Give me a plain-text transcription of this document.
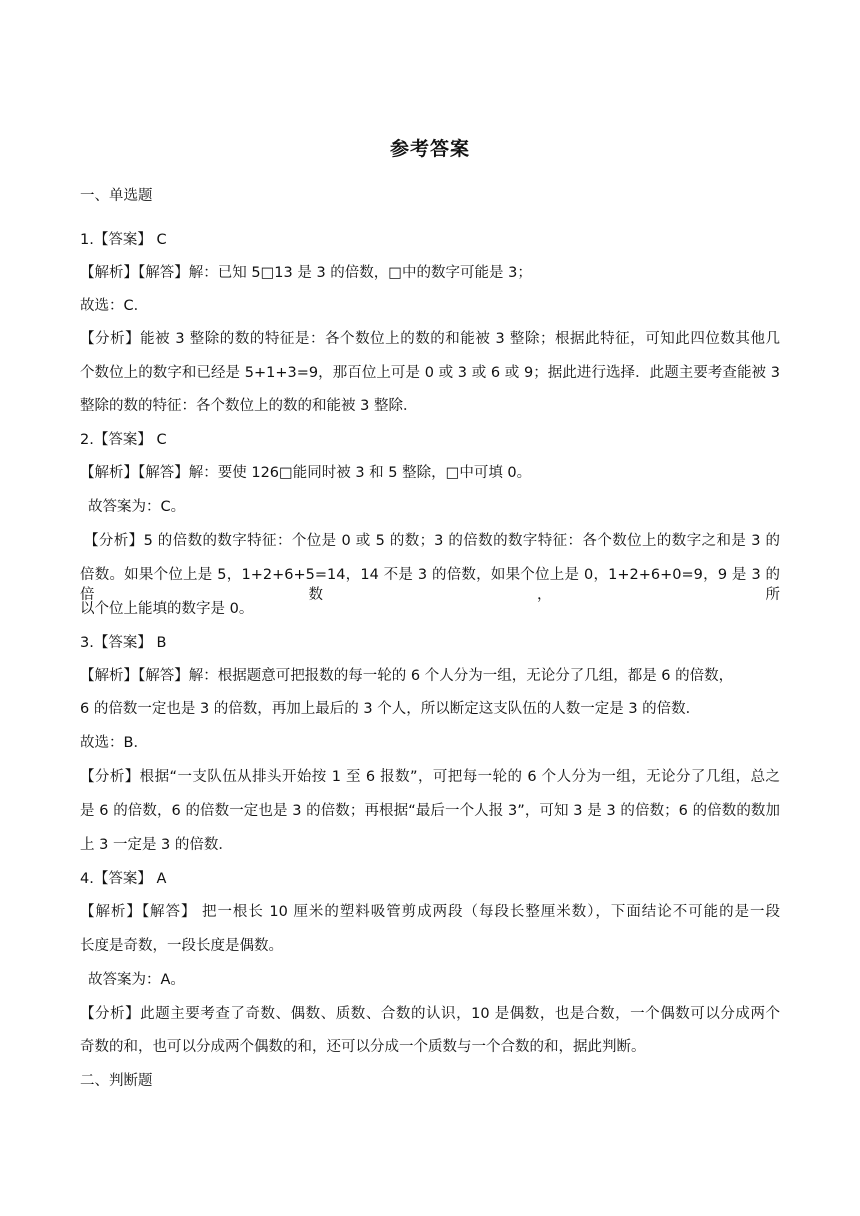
参考答案
一、单选题
1.【答案】 C
【解析】【解答】解：已知 5□13 是 3 的倍数，□中的数字可能是 3；
故选：C．
【分析】能被 3 整除的数的特征是：各个数位上的数的和能被 3 整除；根据此特征，可知此四位数其他几
个数位上的数字和已经是 5+1+3=9，那百位上可是 0 或 3 或 6 或 9；据此进行选择．此题主要考查能被 3
整除的数的特征：各个数位上的数的和能被 3 整除．
2.【答案】 C
【解析】【解答】解：要使 126□能同时被 3 和 5 整除，□中可填 0。
故答案为：C。
【分析】5 的倍数的数字特征：个位是 0 或 5 的数；3 的倍数的数字特征：各个数位上的数字之和是 3 的
倍数。如果个位上是 5，1+2+6+5=14，14 不是 3 的倍数，如果个位上是 0，1+2+6+0=9，9 是 3 的倍数，所
以个位上能填的数字是 0。
3.【答案】 B
【解析】【解答】解：根据题意可把报数的每一轮的 6 个人分为一组，无论分了几组，都是 6 的倍数，
6 的倍数一定也是 3 的倍数，再加上最后的 3 个人，所以断定这支队伍的人数一定是 3 的倍数．
故选：B．
【分析】根据“一支队伍从排头开始按 1 至 6 报数”，可把每一轮的 6 个人分为一组，无论分了几组，总之
是 6 的倍数，6 的倍数一定也是 3 的倍数；再根据“最后一个人报 3”，可知 3 是 3 的倍数；6 的倍数的数加
上 3 一定是 3 的倍数．
4.【答案】 A
【解析】【解答】 把一根长 10 厘米的塑料吸管剪成两段（每段长整厘米数），下面结论不可能的是一段
长度是奇数，一段长度是偶数。
故答案为：A。
【分析】此题主要考查了奇数、偶数、质数、合数的认识，10 是偶数，也是合数，一个偶数可以分成两个
奇数的和，也可以分成两个偶数的和，还可以分成一个质数与一个合数的和，据此判断。
二、判断题
